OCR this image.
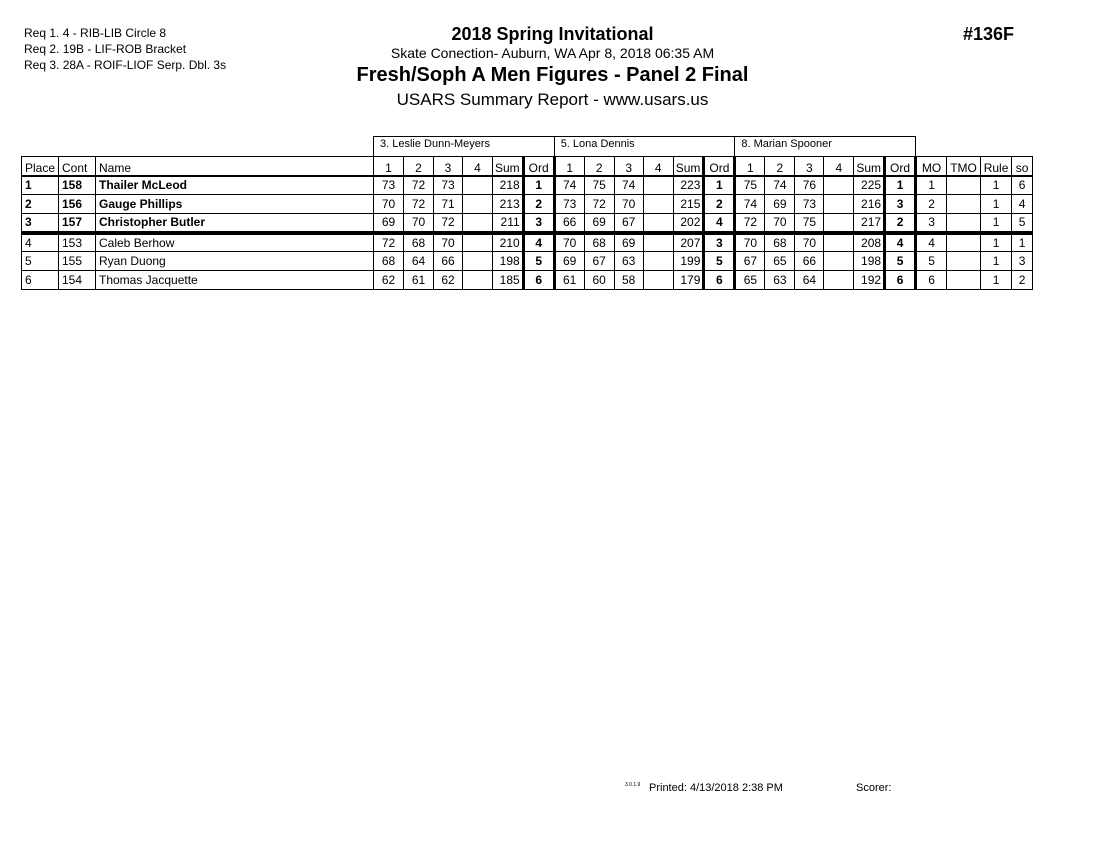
Req 1. 4 - RIB-LIB Circle 8
Req 2. 19B - LIF-ROB Bracket
Req 3. 28A - ROIF-LIOF Serp. Dbl. 3s
2018 Spring Invitational
Skate Conection- Auburn, WA Apr 8, 2018 06:35 AM
Fresh/Soph A Men Figures - Panel 2 Final
USARS Summary Report - www.usars.us
#136F
			3. Leslie Dunn-Meyers						5. Lona Dennis						8. Marian Spooner									
Place	Cont	Name	1	2	3	4	Sum	Ord	1	2	3	4	Sum	Ord	1	2	3	4	Sum	Ord	MO	TMO	Rule	so
1	158	Thailer McLeod	73	72	73		218	1	74	75	74		223	1	75	74	76		225	1	1		1	6
2	156	Gauge Phillips	70	72	71		213	2	73	72	70		215	2	74	69	73		216	3	2		1	4
3	157	Christopher Butler	69	70	72		211	3	66	69	67		202	4	72	70	75		217	2	3		1	5
4	153	Caleb Berhow	72	68	70		210	4	70	68	69		207	3	70	68	70		208	4	4		1	1
5	155	Ryan Duong	68	64	66		198	5	69	67	63		199	5	67	65	66		198	5	5		1	3
6	154	Thomas Jacquette	62	61	62		185	6	61	60	58		179	6	65	63	64		192	6	6		1	2
3.0.1.9 Printed: 4/13/2018 2:38 PM	Scorer:
